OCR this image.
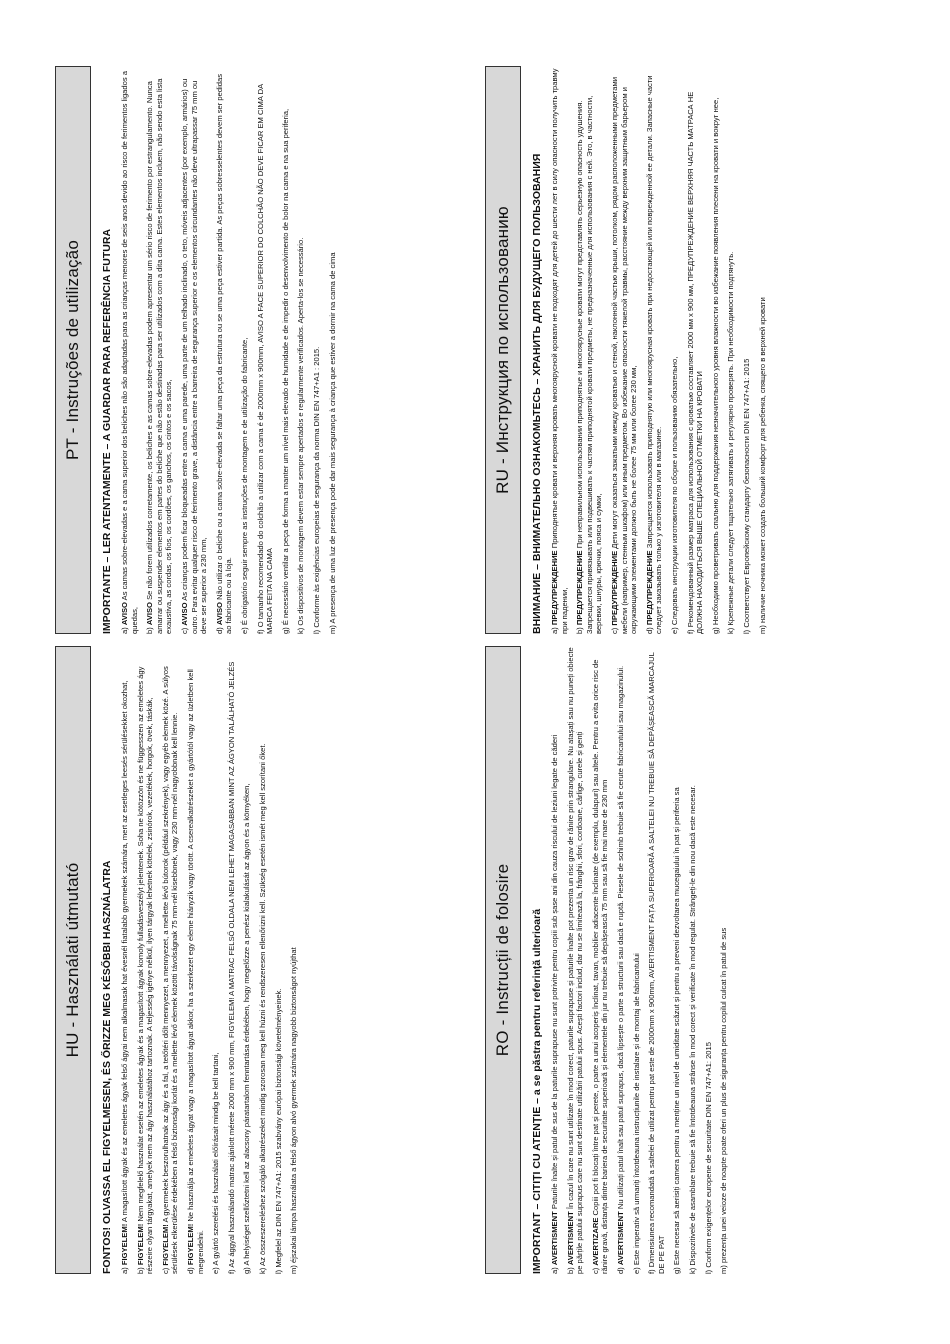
HU - Használati útmutató	FONTOS! OLVASSA EL FIGYELMESEN, ÉS ŐRIZZE MEG KÉSŐBBI HASZNÁLATRA a) FIGYELEM! A magasított ágyak és az emeletes ágyak felső ágyai nem alkalmasak hat évesnél fiatalabb gyermekek számára, mert az esetleges leesés sérülésekket okozhat,
b) FIGYELEM! Nem megfelelő használat esetén az emeletes ágyak és a magasított ágyak komoly fulladásveszélyt jelentenek. Soha ne kötözzön és ne függesszen az emeletes ágy részeire olyan tárgyakat, amelyek nem az ágy használatához tartoznak. A teljesség igénye nélkül, ilyen tárgyak lehetnek kötelek, zsinórok, vezetékek, horgok, övek, táskák, c) FIGYELEM! A gyermekek beszorulhatnak az ágy és a fal, a tetőtéri dőlt mennyezet, a mennyezet, a mellette lévő bútorok (például szekrények), vagy egyéb elemek közé. A súlyos sérülések elkerülése érdekében a felső biztonsági korlát és a mellette lévő elemek közötti távolságnak 75 mm-nél kisebbnek, vagy 230 mm-nél nagyobbnak kell lennie. d) FIGYELEM! Ne használja az emeletes ágyat vagy a magasított ágyat akkor, ha a szerkezet egy eleme hiányzik vagy törött. A cserealkatrészeket a gyártótól vagy az üzletben kell megrendelni. e) A gyártó szerelési és használati előírásait mindig be kell tartani,
f) Az ággyal használandó matrac ajánlott mérete 2000 mm x 900 mm, FIGYELEM! A MATRAC FELSŐ OLDALA NEM LEHET MAGASABBAN MINT AZ ÁGYON TALÁLHATÓ JELZÉS
g) A helyiséget szellőztetni kell az alacsony páratartalom fenntartása érdekében, hogy megelőzze a penész kialakulását az ágyon és a környéken,
k) Az összeszereléshez szolgáló alkatrészeket mindig szorosan meg kell húzni és rendszeresen ellenőrizni kell. Szükség esetén ismét meg kell szorítani őket.
l) Megfelel az DIN EN 747+A1: 2015 szabvány európai biztonsági követelményeinek.
m) éjszakai lámpa használata a felső ágyon alvó gyermek számára nagyobb biztonságot nyújthat	RO - Instrucții de folosire	IMPORTANT – CITIȚI CU ATENȚIE – a se păstra pentru referință ulterioară a) AVERTISMENT Paturile înalte și patul de sus de la paturile suprapuse nu sunt potrivite pentru copiii sub șase ani din cauza riscului de leziuni legate de căderi
b) AVERTISMENT În cazul în care nu sunt utilizate în mod corect, paturile suprapuse și paturile înalte pot prezenta un risc grav de rănire prin strangulare. Nu atașați sau nu puneți obiecte pe părțile patului suprapus care nu sunt destinate utilizării patului spus. Acești factori includ, dar nu se limitează la, frânghii, sfori, cordoane, cârlige, curele și genți c) AVERTIZARE Copiii pot fi blocați între pat și perete, o parte a unui acoperiș înclinat, tavan, mobilier adiacente înclinate (de exemplu, dulapuri) sau altele. Pentru a evita orice risc de rănire gravă, distanța dintre bariera de securitate superioară și elementele din jur nu trebuie să depășească 75 mm sau să fie mai mare de 230 mm d) AVERTISMENT Nu utilizați patul înalt sau patul suprapus, dacă lipsește o parte a structurii sau dacă e ruptă. Piesele de schimb trebuie să fie cerute fabricantului sau magazinului.
e) Este imperativ să urmariți întotdeauna instrucțiunile de instalare și de montaj ale fabricantului
f) Dimensiunea recomandată a saltelei de utilizat pentru pat este de 2000mm x 900mm, AVERTISMENT FAȚA SUPERIOARĂ A SALTELEI NU TREBUIE SĂ DEPĂȘEASCĂ MARCAJUL DE PE PAT g) Este necesar să aerisiți camera pentru a menține un nivel de umiditate scăzut și pentru a preveni dezvoltarea mucegaiului în pat și periferia sa
k) Dispozitivele de asamblare trebuie să fie întotdeauna strânse în mod corect și verificate în mod regulat. Strângeți-le din nou dacă este necesar.
l) Conform exigențelor europene de securitate DIN EN 747+A1: 2015
m) prezența unei veioze de noapte poate oferi un plus de siguranța pentru copilul culcat în patul de sus
PT - Instruções de utilização	IMPORTANTE – LER ATENTAMENTE – A GUARDAR PARA REFERÊNCIA FUTURA a) AVISO As camas sobre-elevadas e a cama superior dos beliches não são adaptadas para as crianças menores de seis anos devido ao risco de ferimentos ligados a quedas, b) AVISO Se não forem utilizados corretamente, os beliches e as camas sobre-elevadas podem apresentar um sério risco de ferimento por estrangulamento. Nunca amarrar ou suspender elementos em partes do beliche que não estão destinadas para ser utilizados com a dita cama. Estes elementos incluem, não sendo esta lista exaustiva, as cordas, os fios, os cordões, os ganchos, os cintos e os sacos, c) AVISO As crianças podem ficar bloqueadas entre a cama e uma parede, uma parte de um telhado inclinado, o teto, móveis adjacentes (por exemplo, armários) ou outro. Para evitar qualquer risco de ferimento grave, a distância entre a barreira de segurança superior e os elementos circundantes não deve ultrapassar 75 mm ou deve ser superior a 230 mm, d) AVISO Não utilizar o beliche ou a cama sobre-elevada se faltar uma peça da estrutura ou se uma peça estiver partida. As peças sobresselentes devem ser pedidas ao fabricante ou à loja. e) É obrigatório seguir sempre as instruções de montagem e de utilização do fabricante,
f) O tamanho recomendado do colchão a utilizar com a cama é de 2000mm x 900mm, AVISO A FACE SUPERIOR DO COLCHÃO NÃO DEVE FICAR EM CIMA DA MARCA FEITA NA CAMA g) É necessário ventilar a peça de forma a manter um nível mais elevado de humidade e de impedir o desenvolvimento de bolor na cama e na sua periferia,
k) Os dispositivos de montagem devem estar sempre apertados e regularmente verificados. Aperta-los se necessário.
l) Conforme às exigências europeias de segurança da norma DIN EN 747+A1 : 2015.
m) A presença de uma luz de presença pode dar mais segurança à criança que estiver a dormir na cama de cima	RU - Инструкция по использованию	ВНИМАНИЕ – ВНИМАТЕЛЬНО ОЗНАКОМЬТЕСЬ – ХРАНИТЬ ДЛЯ БУДУЩЕГО ПОЛЬЗОВАНИЯ a) ПРЕДУПРЕЖДЕНИЕ Приподнятые кровати и верхняя кровать многоярусной кровати не подходят для детей до шести лет в силу опасности получить травму при падении, b) ПРЕДУПРЕЖДЕНИЕ При неправильном использовании приподнятые и многоярусные кровати могут представлять серьезную опасность удушения. Запрещается привязывать или подвешивать к частям приподнятой кровати предметы, не предназначенные для использования с ней. Это, в частности, веревки, шнуры, крючки, пояса и сумки, c) ПРЕДУПРЕЖДЕНИЕ Дети могут оказаться зажатыми между кроватью и стеной, наклонной частью крыши, потолком, рядом расположенными предметами мебели (например, стенным шкафом) или иным предметом. Во избежание опасности тяжелой травмы, расстояние между верхним защитным барьером и окружающими элементами должно быть не более 75 мм или более 230 мм, d) ПРЕДУПРЕЖДЕНИЕ Запрещается использовать приподнятую или многоярусная кровать при недостающей или поврежденной ее детали. Запасные части следует заказывать только у изготовителя или в магазине. e) Следовать инструкции изготовителя по сборке и пользованию обязательно,
f) Рекомендованный размер матраса для использования с кроватью составляет 2000 мм x 900 мм, ПРЕДУПРЕЖДЕНИЕ ВЕРХНЯЯ ЧАСТЬ МАТРАСА НЕ ДОЛЖНА НАХОДИТЬСЯ ВЫШЕ СПЕЦИАЛЬНОЙ ОТМЕТКИ НА КРОВАТИ g) Необходимо проветривать спальню для поддержания незначительного уровня влажности во избежание появления плесени на кровати и вокруг нее,
k) Крепежные детали следует тщательно затягивать и регулярно проверять. При необходимости подтянуть.
l) Соответствует Европейскому стандарту безопасности DIN EN 747+A1: 2015
m) наличие ночника может создать больший комфорт для ребенка, спящего в верхней кровати
